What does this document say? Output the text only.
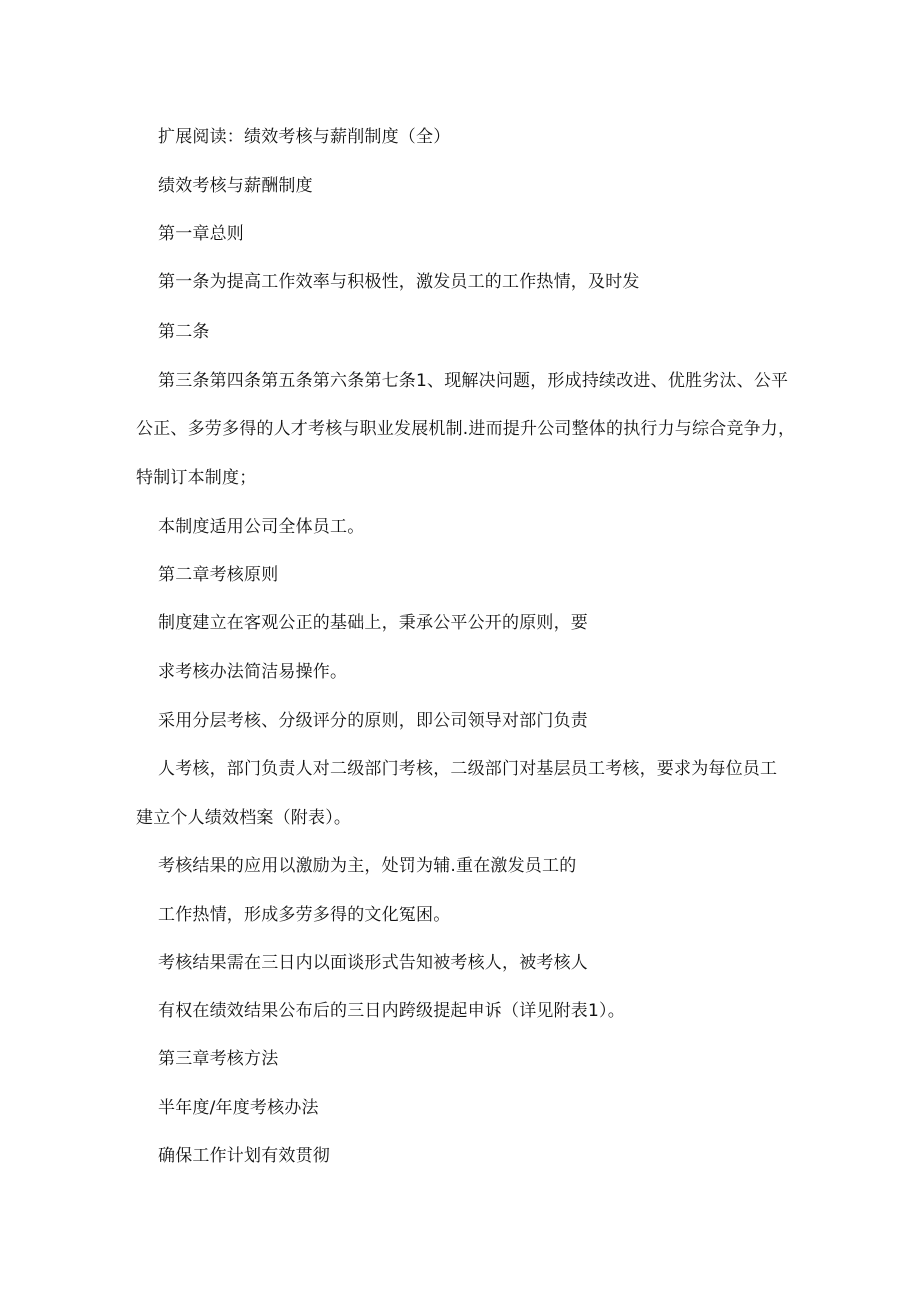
扩展阅读：绩效考核与薪削制度（全）
绩效考核与薪酬制度
第一章总则
第一条为提高工作效率与积极性，激发员工的工作热情，及时发
第二条
第三条第四条第五条第六条第七条1、现解决问题，形成持续改进、优胜劣汰、公平
公正、多劳多得的人才考核与职业发展机制.进而提升公司整体的执行力与综合竞争力，
特制订本制度；
本制度适用公司全体员工。
第二章考核原则
制度建立在客观公正的基础上，秉承公平公开的原则，要
求考核办法简洁易操作。
采用分层考核、分级评分的原则，即公司领导对部门负责
人考核，部门负责人对二级部门考核，二级部门对基层员工考核，要求为每位员工
建立个人绩效档案（附表）。
考核结果的应用以激励为主，处罚为辅.重在激发员工的
工作热情，形成多劳多得的文化冤困。
考核结果需在三日内以面谈形式告知被考核人，被考核人
有权在绩效结果公布后的三日内跨级提起申诉（详见附表1）。
第三章考核方法
半年度/年度考核办法
确保工作计划有效贯彻
